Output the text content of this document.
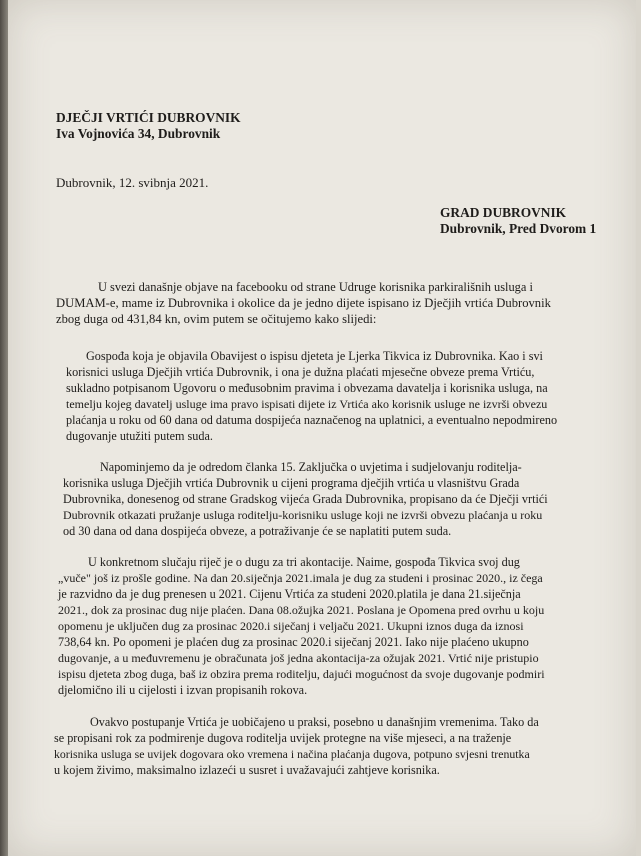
DJEČJI VRTIĆI DUBROVNIK
Iva Vojnovića 34, Dubrovnik
Dubrovnik, 12. svibnja 2021.
GRAD DUBROVNIK
Dubrovnik, Pred Dvorom 1
U svezi današnje objave na facebooku od strane Udruge korisnika parkirališnih usluga i
DUMAM-e, mame iz Dubrovnika i okolice da je jedno dijete ispisano iz Dječjih vrtića Dubrovnik
zbog duga od 431,84 kn, ovim putem se očitujemo kako slijedi:
Gospođa koja je objavila Obavijest o ispisu djeteta je Ljerka Tikvica iz Dubrovnika. Kao i svi
korisnici usluga Dječjih vrtića Dubrovnik, i ona je dužna plaćati mjesečne obveze prema Vrtiću,
sukladno potpisanom Ugovoru o međusobnim pravima i obvezama davatelja i korisnika usluga, na
temelju kojeg davatelj usluge ima pravo ispisati dijete iz Vrtića ako korisnik usluge ne izvrši obvezu
plaćanja u roku od 60 dana od datuma dospijeća naznačenog na uplatnici, a eventualno nepodmireno
dugovanje utužiti putem suda.
Napominjemo da je odredom članka 15. Zaključka o uvjetima i sudjelovanju roditelja-
korisnika usluga Dječjih vrtića Dubrovnik u cijeni programa dječjih vrtića u vlasništvu Grada
Dubrovnika, donesenog od strane Gradskog vijeća Grada Dubrovnika, propisano da će Dječji vrtići
Dubrovnik otkazati pružanje usluga roditelju-korisniku usluge koji ne izvrši obvezu plaćanja u roku
od 30 dana od dana dospijeća obveze, a potraživanje će se naplatiti putem suda.
U konkretnom slučaju riječ je o dugu za tri akontacije. Naime, gospođa Tikvica svoj dug
„vuče" još iz prošle godine. Na dan 20.siječnja 2021.imala je dug za studeni i prosinac 2020., iz čega
je razvidno da je dug prenesen u 2021. Cijenu Vrtića za studeni 2020.platila je dana 21.siječnja
2021., dok za prosinac dug nije plaćen. Dana 08.ožujka 2021. Poslana je Opomena pred ovrhu u koju
opomenu je uključen dug za prosinac 2020.i siječanj i veljaču 2021. Ukupni iznos duga da iznosi
738,64 kn. Po opomeni je plaćen dug za prosinac 2020.i siječanj 2021. Iako nije plaćeno ukupno
dugovanje, a u međuvremenu je obračunata još jedna akontacija-za ožujak 2021. Vrtić nije pristupio
ispisu djeteta zbog duga, baš iz obzira prema roditelju, dajući mogućnost da svoje dugovanje podmiri
djelomično ili u cijelosti i izvan propisanih rokova.
Ovakvo postupanje Vrtića je uobičajeno u praksi, posebno u današnjim vremenima. Tako da
se propisani rok za podmirenje dugova roditelja uvijek protegne na više mjeseci, a na traženje
korisnika usluga se uvijek dogovara oko vremena i načina plaćanja dugova, potpuno svjesni trenutka
u kojem živimo, maksimalno izlazeći u susret i uvažavajući zahtjeve korisnika.
